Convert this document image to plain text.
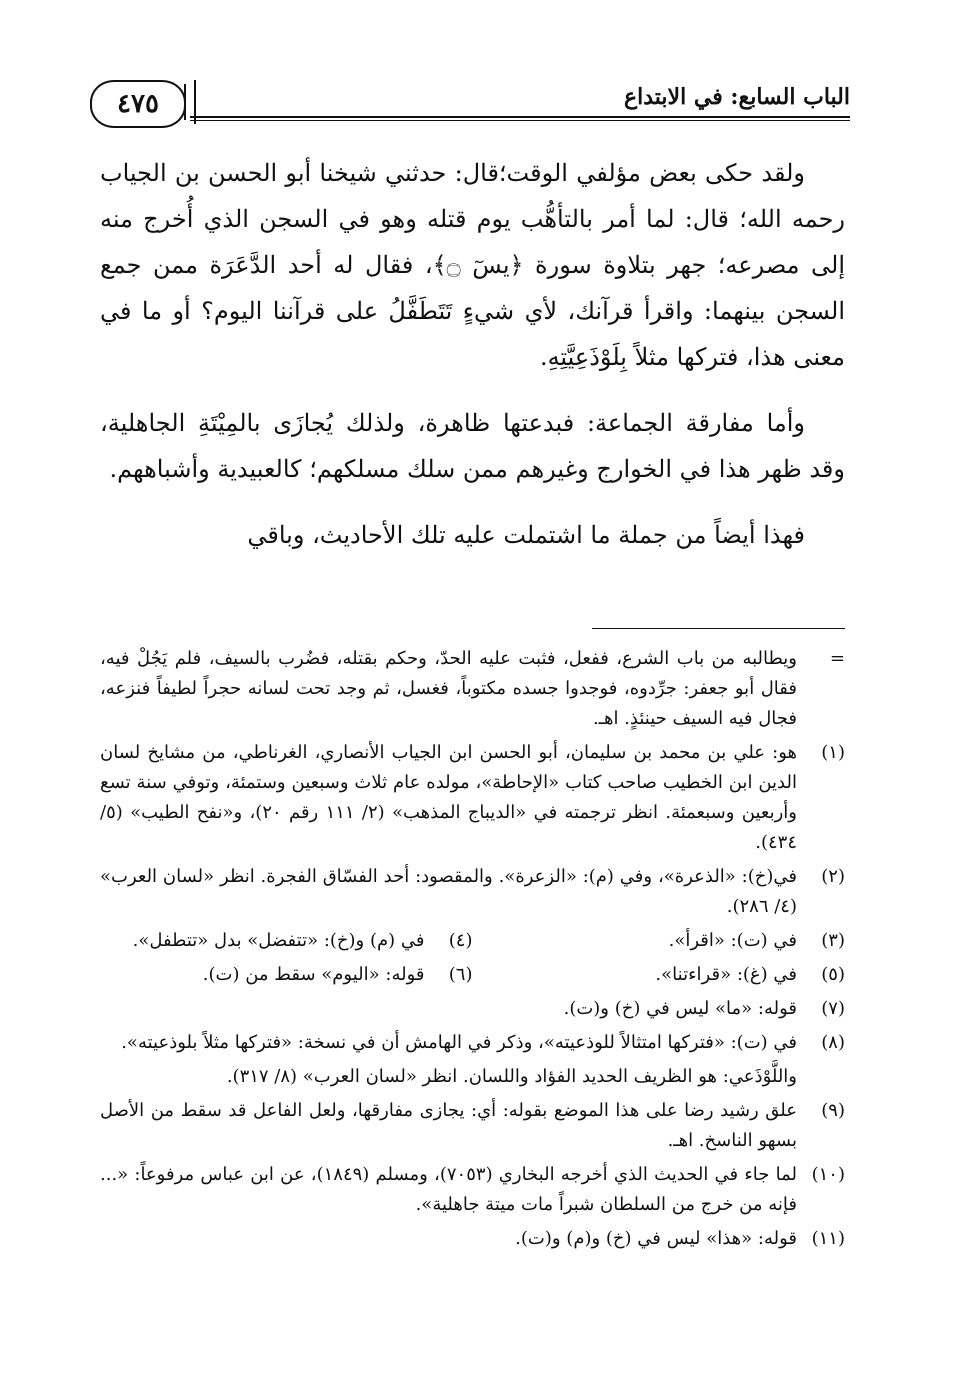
الباب السابع: في الابتداع
٤٧٥

ولقد حكى بعض مؤلفي الوقت؛قال: حدثني شيخنا أبو الحسن بن الجياب رحمه الله؛ قال: لما أمر بالتأهُّب يوم قتله وهو في السجن الذي أُخرج منه إلى مصرعه؛ جهر بتلاوة سورة ﴿يسٓ ۝﴾، فقال له أحد الدَّعَرَة ممن جمع السجن بينهما: واقرأ قرآنك، لأي شيءٍ تَتَطَفَّلُ على قرآننا اليوم؟ أو ما في معنى هذا، فتركها مثلاً بِلَوْذَعِيَّتِهِ.

وأما مفارقة الجماعة: فبدعتها ظاهرة، ولذلك يُجازَى بالمِيْتَةِ الجاهلية، وقد ظهر هذا في الخوارج وغيرهم ممن سلك مسلكهم؛ كالعبيدية وأشباههم.

فهذا أيضاً من جملة ما اشتملت عليه تلك الأحاديث، وباقي

=
ويطالبه من باب الشرع، ففعل، فثبت عليه الحدّ، وحكم بقتله، فضُرب بالسيف، فلم يَجُلْ فيه، فقال أبو جعفر: جرِّدوه، فوجدوا جسده مكتوباً، فغسل، ثم وجد تحت لسانه حجراً لطيفاً فنزعه، فجال فيه السيف حينئذٍ. اهـ.
(١)
هو: علي بن محمد بن سليمان، أبو الحسن ابن الجياب الأنصاري، الغرناطي، من مشايخ لسان الدين ابن الخطيب صاحب كتاب «الإحاطة»، مولده عام ثلاث وسبعين وستمئة، وتوفي سنة تسع وأربعين وسبعمئة. انظر ترجمته في «الديباج المذهب» (٢/ ١١١ رقم ٢٠)، و«نفح الطيب» (٥/ ٤٣٤).
(٢)
في(خ): «الذعرة»، وفي (م): «الزعرة». والمقصود: أحد الفسّاق الفجرة. انظر «لسان العرب» (٤/ ٢٨٦).
(٣)
في (ت): «اقرأ».
(٤)
في (م) و(خ): «تتفضل» بدل «تتطفل».
(٥)
في (غ): «قراءتنا».
(٦)
قوله: «اليوم» سقط من (ت).
(٧)
قوله: «ما» ليس في (خ) و(ت).
(٨)
في (ت): «فتركها امتثالاً للوذعيته»، وذكر في الهامش أن في نسخة: «فتركها مثلاً بلوذعيته».
واللَّوْذَعي: هو الظريف الحديد الفؤاد واللسان. انظر «لسان العرب» (٨/ ٣١٧).
(٩)
علق رشيد رضا على هذا الموضع بقوله: أي: يجازى مفارقها، ولعل الفاعل قد سقط من الأصل بسهو الناسخ. اهـ.
(١٠)
لما جاء في الحديث الذي أخرجه البخاري (٧٠٥٣)، ومسلم (١٨٤٩)، عن ابن عباس مرفوعاً: «... فإنه من خرج من السلطان شبراً مات ميتة جاهلية».
(١١)
قوله: «هذا» ليس في (خ) و(م) و(ت).
